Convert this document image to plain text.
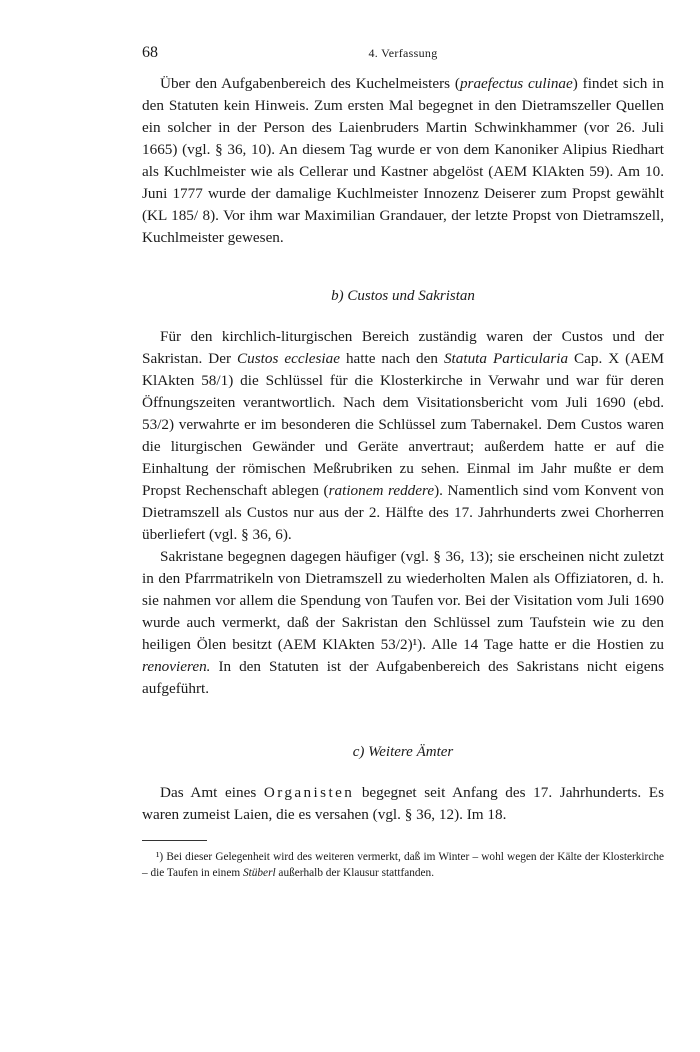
68	4. Verfassung

Über den Aufgabenbereich des Kuchelmeisters (praefectus culinae) findet sich in den Statuten kein Hinweis. Zum ersten Mal begegnet in den Dietramszeller Quellen ein solcher in der Person des Laienbruders Martin Schwinkhammer (vor 26. Juli 1665) (vgl. § 36, 10). An diesem Tag wurde er von dem Kanoniker Alipius Riedhart als Kuchlmeister wie als Cellerar und Kastner abgelöst (AEM KlAkten 59). Am 10. Juni 1777 wurde der damalige Kuchlmeister Innozenz Deiserer zum Propst gewählt (KL 185/ 8). Vor ihm war Maximilian Grandauer, der letzte Propst von Dietramszell, Kuchlmeister gewesen.

b) Custos und Sakristan

Für den kirchlich-liturgischen Bereich zuständig waren der Custos und der Sakristan. Der Custos ecclesiae hatte nach den Statuta Particularia Cap. X (AEM KlAkten 58/1) die Schlüssel für die Klosterkirche in Verwahr und war für deren Öffnungszeiten verantwortlich. Nach dem Visitationsbericht vom Juli 1690 (ebd. 53/2) verwahrte er im besonderen die Schlüssel zum Tabernakel. Dem Custos waren die liturgischen Gewänder und Geräte anvertraut; außerdem hatte er auf die Einhaltung der römischen Meßrubriken zu sehen. Einmal im Jahr mußte er dem Propst Rechenschaft ablegen (rationem reddere). Namentlich sind vom Konvent von Dietramszell als Custos nur aus der 2. Hälfte des 17. Jahrhunderts zwei Chorherren überliefert (vgl. § 36, 6).

Sakristane begegnen dagegen häufiger (vgl. § 36, 13); sie erscheinen nicht zuletzt in den Pfarrmatrikeln von Dietramszell zu wiederholten Malen als Offiziatoren, d. h. sie nahmen vor allem die Spendung von Taufen vor. Bei der Visitation vom Juli 1690 wurde auch vermerkt, daß der Sakristan den Schlüssel zum Taufstein wie zu den heiligen Ölen besitzt (AEM KlAkten 53/2)¹). Alle 14 Tage hatte er die Hostien zu renovieren. In den Statuten ist der Aufgabenbereich des Sakristans nicht eigens aufgeführt.

c) Weitere Ämter

Das Amt eines Organisten begegnet seit Anfang des 17. Jahrhunderts. Es waren zumeist Laien, die es versahen (vgl. § 36, 12). Im 18.

¹) Bei dieser Gelegenheit wird des weiteren vermerkt, daß im Winter – wohl wegen der Kälte der Klosterkirche – die Taufen in einem Stüberl außerhalb der Klausur stattfanden.
